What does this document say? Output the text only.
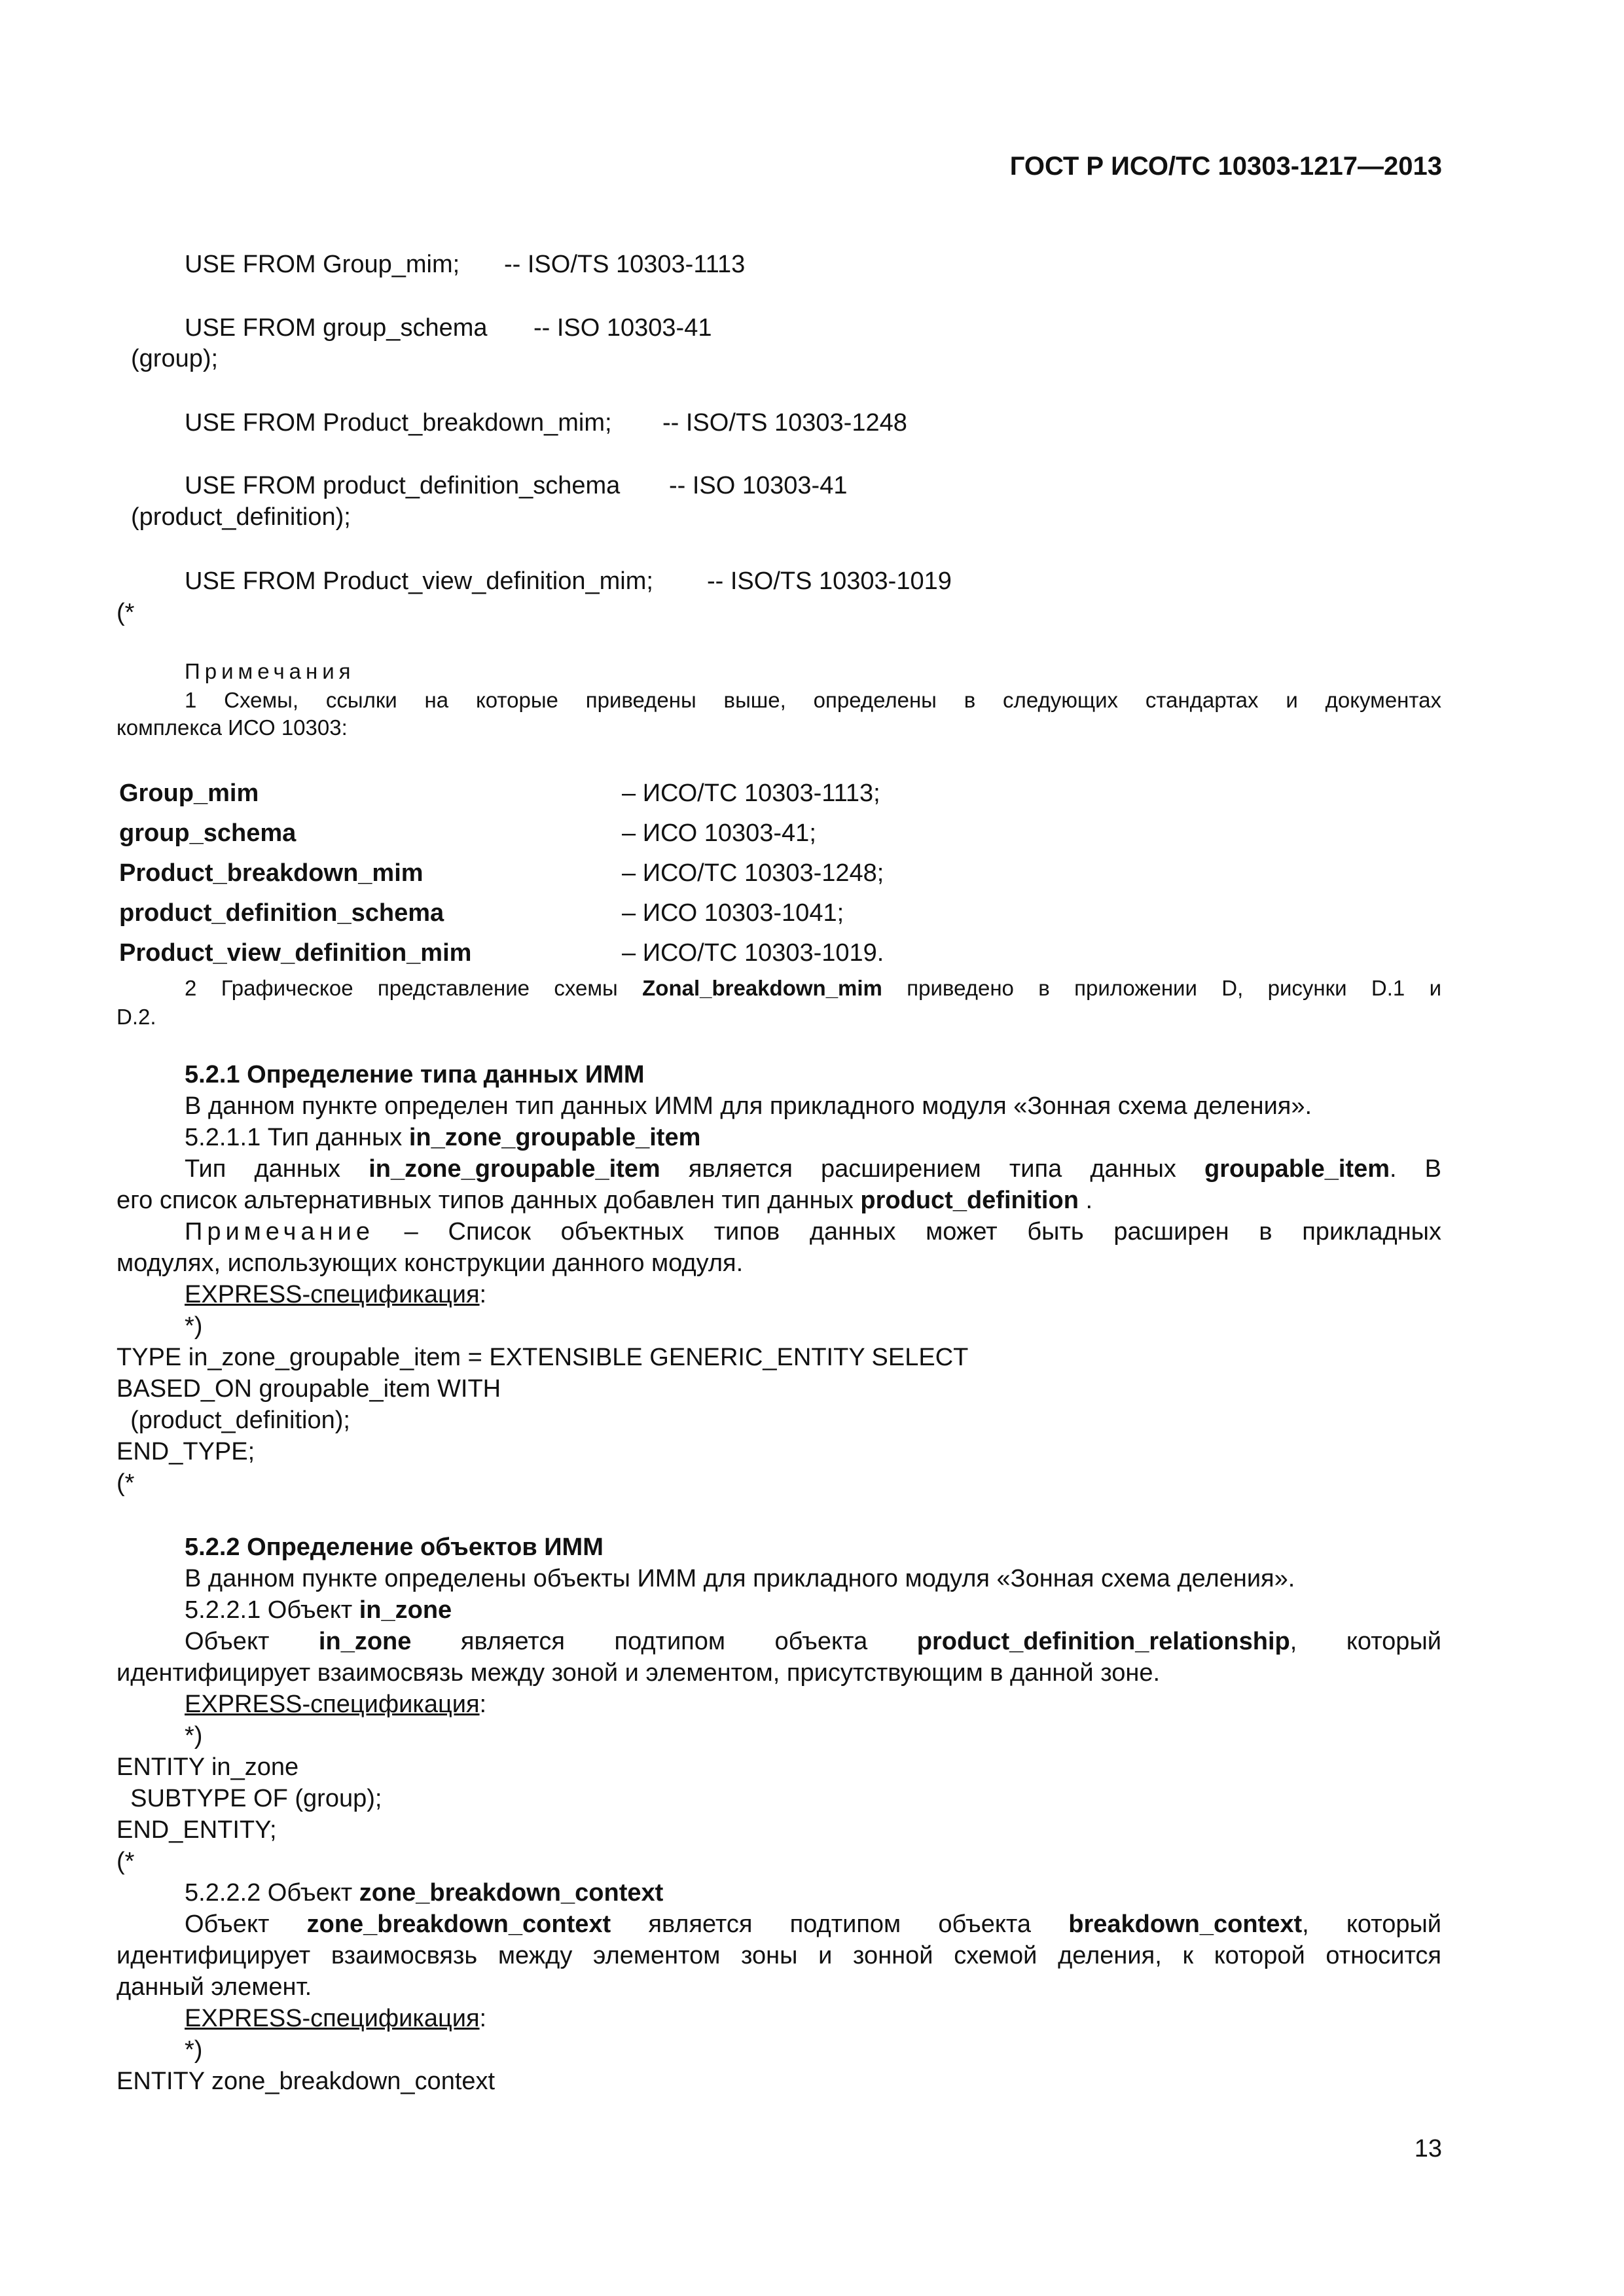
ГОСТ Р ИСО/ТС 10303-1217—2013
USE FROM Group_mim; -- ISO/TS 10303-1113
USE FROM group_schema -- ISO 10303-41
(group);
USE FROM Product_breakdown_mim; -- ISO/TS 10303-1248
USE FROM product_definition_schema -- ISO 10303-41
(product_definition);
USE FROM Product_view_definition_mim; -- ISO/TS 10303-1019
(*
Примечания
1 Схемы, ссылки на которые приведены выше, определены в следующих стандартах и документах
комплекса ИСО 10303:
Group_mim	– ИСО/ТС 10303-1113;
group_schema	– ИСО 10303-41;
Product_breakdown_mim	– ИСО/ТС 10303-1248;
product_definition_schema	– ИСО 10303-1041;
Product_view_definition_mim	– ИСО/ТС 10303-1019.
2 Графическое представление схемы Zonal_breakdown_mim приведено в приложении D, рисунки D.1 и
D.2.
5.2.1 Определение типа данных ИММ
В данном пункте определен тип данных ИММ для прикладного модуля «Зонная схема деления».
5.2.1.1 Тип данных in_zone_groupable_item
Тип данных in_zone_groupable_item является расширением типа данных groupable_item. В
его список альтернативных типов данных добавлен тип данных product_definition .
Примечание – Список объектных типов данных может быть расширен в прикладных
модулях, использующих конструкции данного модуля.
EXPRESS-спецификация:
*)
TYPE in_zone_groupable_item = EXTENSIBLE GENERIC_ENTITY SELECT
BASED_ON groupable_item WITH
(product_definition);
END_TYPE;
(*
5.2.2 Определение объектов ИММ
В данном пункте определены объекты ИММ для прикладного модуля «Зонная схема деления».
5.2.2.1 Объект in_zone
Объект in_zone является подтипом объекта product_definition_relationship, который
идентифицирует взаимосвязь между зоной и элементом, присутствующим в данной зоне.
EXPRESS-спецификация:
*)
ENTITY in_zone
SUBTYPE OF (group);
END_ENTITY;
(*
5.2.2.2 Объект zone_breakdown_context
Объект zone_breakdown_context является подтипом объекта breakdown_context, который
идентифицирует взаимосвязь между элементом зоны и зонной схемой деления, к которой относится
данный элемент.
EXPRESS-спецификация:
*)
ENTITY zone_breakdown_context
13
